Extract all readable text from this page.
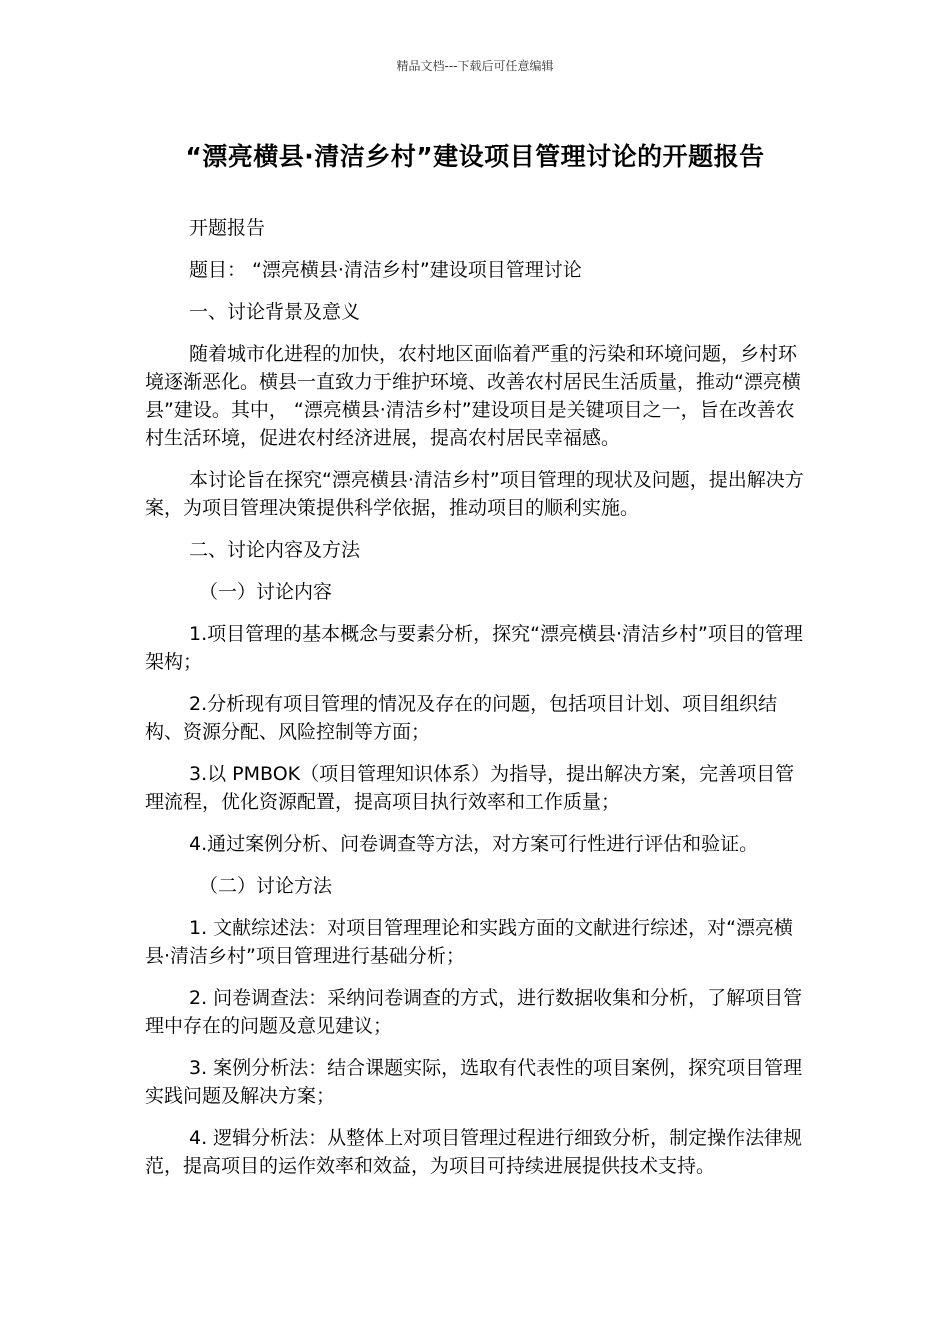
精品文档---下载后可任意编辑
“漂亮横县·清洁乡村”建设项目管理讨论的开题报告

开题报告

题目： “漂亮横县·清洁乡村”建设项目管理讨论

一、讨论背景及意义

随着城市化进程的加快，农村地区面临着严重的污染和环境问题，乡村环境逐渐恶化。横县一直致力于维护环境、改善农村居民生活质量，推动“漂亮横县”建设。其中， “漂亮横县·清洁乡村”建设项目是关键项目之一，旨在改善农村生活环境，促进农村经济进展，提高农村居民幸福感。

本讨论旨在探究“漂亮横县·清洁乡村”项目管理的现状及问题，提出解决方案，为项目管理决策提供科学依据，推动项目的顺利实施。

二、讨论内容及方法

（一）讨论内容

1.项目管理的基本概念与要素分析，探究“漂亮横县·清洁乡村”项目的管理架构；

2.分析现有项目管理的情况及存在的问题，包括项目计划、项目组织结构、资源分配、风险控制等方面；

3.以 PMBOK（项目管理知识体系）为指导，提出解决方案，完善项目管理流程，优化资源配置，提高项目执行效率和工作质量；

4.通过案例分析、问卷调查等方法，对方案可行性进行评估和验证。

（二）讨论方法

1. 文献综述法：对项目管理理论和实践方面的文献进行综述，对“漂亮横县·清洁乡村”项目管理进行基础分析；

2. 问卷调查法：采纳问卷调查的方式，进行数据收集和分析，了解项目管理中存在的问题及意见建议；

3. 案例分析法：结合课题实际，选取有代表性的项目案例，探究项目管理实践问题及解决方案；

4. 逻辑分析法：从整体上对项目管理过程进行细致分析，制定操作法律规范，提高项目的运作效率和效益，为项目可持续进展提供技术支持。
